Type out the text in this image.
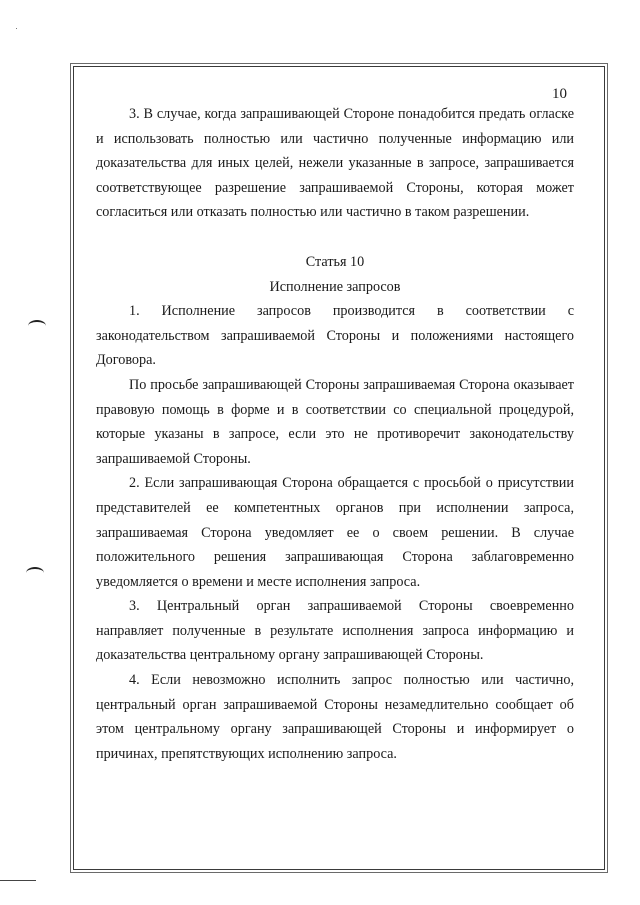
10

3. В случае, когда запрашивающей Стороне понадобится предать огласке и использовать полностью или частично полученные информацию или доказательства для иных целей, нежели указанные в запросе, запрашивается соответствующее разрешение запрашиваемой Стороны, которая может согласиться или отказать полностью или частично в таком разрешении.

Статья 10

Исполнение запросов

1. Исполнение запросов производится в соответствии с законодательством запрашиваемой Стороны и положениями настоящего Договора.

По просьбе запрашивающей Стороны запрашиваемая Сторона оказывает правовую помощь в форме и в соответствии со специальной процедурой, которые указаны в запросе, если это не противоречит законодательству запрашиваемой Стороны.

2. Если запрашивающая Сторона обращается с просьбой о присутствии представителей ее компетентных органов при исполнении запроса, запрашиваемая Сторона уведомляет ее о своем решении. В случае положительного решения запрашивающая Сторона заблаговременно уведомляется о времени и месте исполнения запроса.

3. Центральный орган запрашиваемой Стороны своевременно направляет полученные в результате исполнения запроса информацию и доказательства центральному органу запрашивающей Стороны.

4. Если невозможно исполнить запрос полностью или частично, центральный орган запрашиваемой Стороны незамедлительно сообщает об этом центральному органу запрашивающей Стороны и информирует о причинах, препятствующих исполнению запроса.
